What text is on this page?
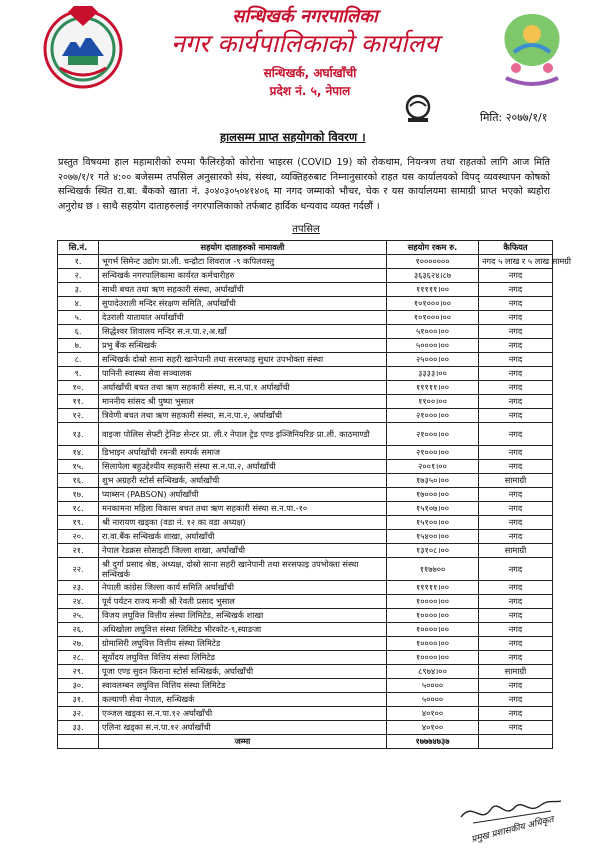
सन्धिखर्क नगरपालिका
नगर कार्यपालिकाको कार्यालय
सन्धिखर्क, अर्घाखाँची
प्रदेश नं. ५, नेपाल
मिति: २०७७/१/१
हालसम्म प्राप्त सहयोगको विवरण ।
प्रस्तुत विषयमा हाल महामारीको रुपमा फैलिरहेको कोरोना भाइरस (COVID 19) को रोकथाम, नियन्त्रण तथा राहतको लागि आज मिति २०७७/१/१ गते ४:०० बजेसम्म तपसिल अनुसारको संघ, संस्था, व्यक्तिहरुबाट निम्नानुसारको राहत यस कार्यालयको विपद् व्यवस्थापन कोषको सन्धिखर्क स्थित रा.बा. बैंकको खाता नं. ३०४०३०५०४१४०६ मा नगद जम्माको भौचर, चेक र यस कार्यालयमा सामाग्री प्राप्त भएको ब्यहोरा अनुरोध छ । साथै सहयोग दाताहरुलाई नगरपालिकाको तर्फबाट हार्दिक धन्यवाद व्यक्त गर्दछौं ।
तपसिल
सि.नं.	सहयोग दाताहरुको नामावली	सहयोग रकम रु.	कैफियत
१.	भूगर्भ सिमेन्ट उद्योग प्रा.ली. चन्द्रौटा शिवराज -९ कपिलवस्तु	१०००००००	नगद ५ लाख र ५ लाख सामग्री
२.	सन्धिखर्क नगरपालिकामा कार्यरत कर्मचारीहरु	३६३६२४।८७	नगद
३.	साथी बचत तथा ऋण सहकारी संस्था, अर्घाखाँची	१११११।००	नगद
४.	सुपादेउराली मन्दिर संरक्षण समिति, अर्घाखाँची	१०१०००।००	नगद
५.	देउराली यातायात अर्घाखाँची	१०१०००।००	नगद
६.	सिद्धेश्वर शिवालय मन्दिर स.न.पा.२,अ.खाँ	५१०००।००	नगद
७.	प्रभु बैंक सन्धिखर्क	५००००।००	नगद
८.	सन्धिखर्क दोस्रो साना सहरी खानेपानी तथा सरसफाइ सुधार उपभोक्ता संस्था	२५०००।००	नगद
९.	पानिनी स्वास्थ्य सेवा सञ्चालक	३३३३।००	नगद
१०.	अर्घाखाँची बचत तथा ऋण सहकारी संस्था, स.न.पा.१ अर्घाखाँची	१११११।००	नगद
११.	माननीय सांसद श्री पुष्पा भुसाल	११००।००	नगद
१२.	त्रिवेणी बचत तथा ऋण सहकारी संस्था, स.न.पा.२, अर्घाखाँची	२१०००।००	नगद
१३.	वाइजा पोलिस सेफ्टी ट्रेनिङ सेन्टर प्रा. ली.र नेपाल ट्रेड एण्ड इञ्जिनियरिङ प्रा.ली. काठमाण्डौ	२१०००।००	नगद
१४.	डिभाइन अर्घाखाँची रमन्त्री सम्पर्क समाज	२१०००।००	नगद
१५.	सिलापेला बहुउद्देश्यीय सहकारी संस्था स.न.पा.२, अर्घाखाँची	२००१।००	नगद
१६.	शुभ अग्रहरी स्टोर्स सन्धिखर्क, अर्घाखाँची	१७३५०।००	सामाग्री
१७.	प्याब्सन (PABSON) अर्घाखाँची	१७०००।००	नगद
१८.	मनकामना महिला विकास बचत तथा ऋण सहकारी संस्था स.न.पा.-१०	१५१०७।००	नगद
१९.	श्री नारायण खड्का (वडा नं. १२ का वडा अध्यक्ष)	१५१००।००	नगद
२०.	रा.वा.बैंक सन्धिखर्क शाखा, अर्घाखाँची	१५४००।००	नगद
२१.	नेपाल रेडक्रस सोसाइटी जिल्ला शाखा, अर्घाखाँची	१३१०८।००	सामाग्री
२२.	श्री दुर्गा प्रसाद श्रेष्ठ, अध्यक्ष, दोस्रो साना सहरी खानेपानी तथा सरसफाइ उपभोक्ता संस्था सन्धिखर्क	११७७००	नगद
२३.	नेपाली कांग्रेस जिल्ला कार्य समिति अर्घाखाँची	१११११।००	नगद
२४.	पूर्व पर्यटन राज्य मन्त्री श्री रेवती प्रसाद भुसाल	१००००।००	नगद
२५.	विजय लघुवित्त वित्तीय संस्था लिमिटेड, सन्धिखर्क शाखा	१००००।००	नगद
२६.	अधिखोला लघुवित्त संस्था लिमिटेड भीरकोट-९,स्याङजा	१००००।००	नगद
२७.	ग्रोमासिरी लघुवित्त वित्तीय संस्था लिमिटेड	१००००।००	नगद
२८.	सूर्योदय लघुवित्त वित्तिय संस्था लिमिटेड	१००००।००	नगद
२९.	पूजा एण्ड सुदन किराना स्टोर्स सन्धिखर्क, अर्घाखाँची	८९७४।००	सामाग्री
३०.	स्वावलम्बन लघुवित्त वित्तिय संस्था लिमिटेड	५००००	नगद
३१.	कल्याणी सेवा नेपाल, सन्धिखर्क	५००००	नगद
३२.	एञ्जल खड्का स.न.पा.१२ अर्घाखाँची	४०१००	नगद
३३.	एलिना खड्का स.न.पा.१२ अर्घाखाँची	४०१००	नगद
	जम्मा	१७७७४७३७	
प्रमुख प्रशासकीय अधिकृत
